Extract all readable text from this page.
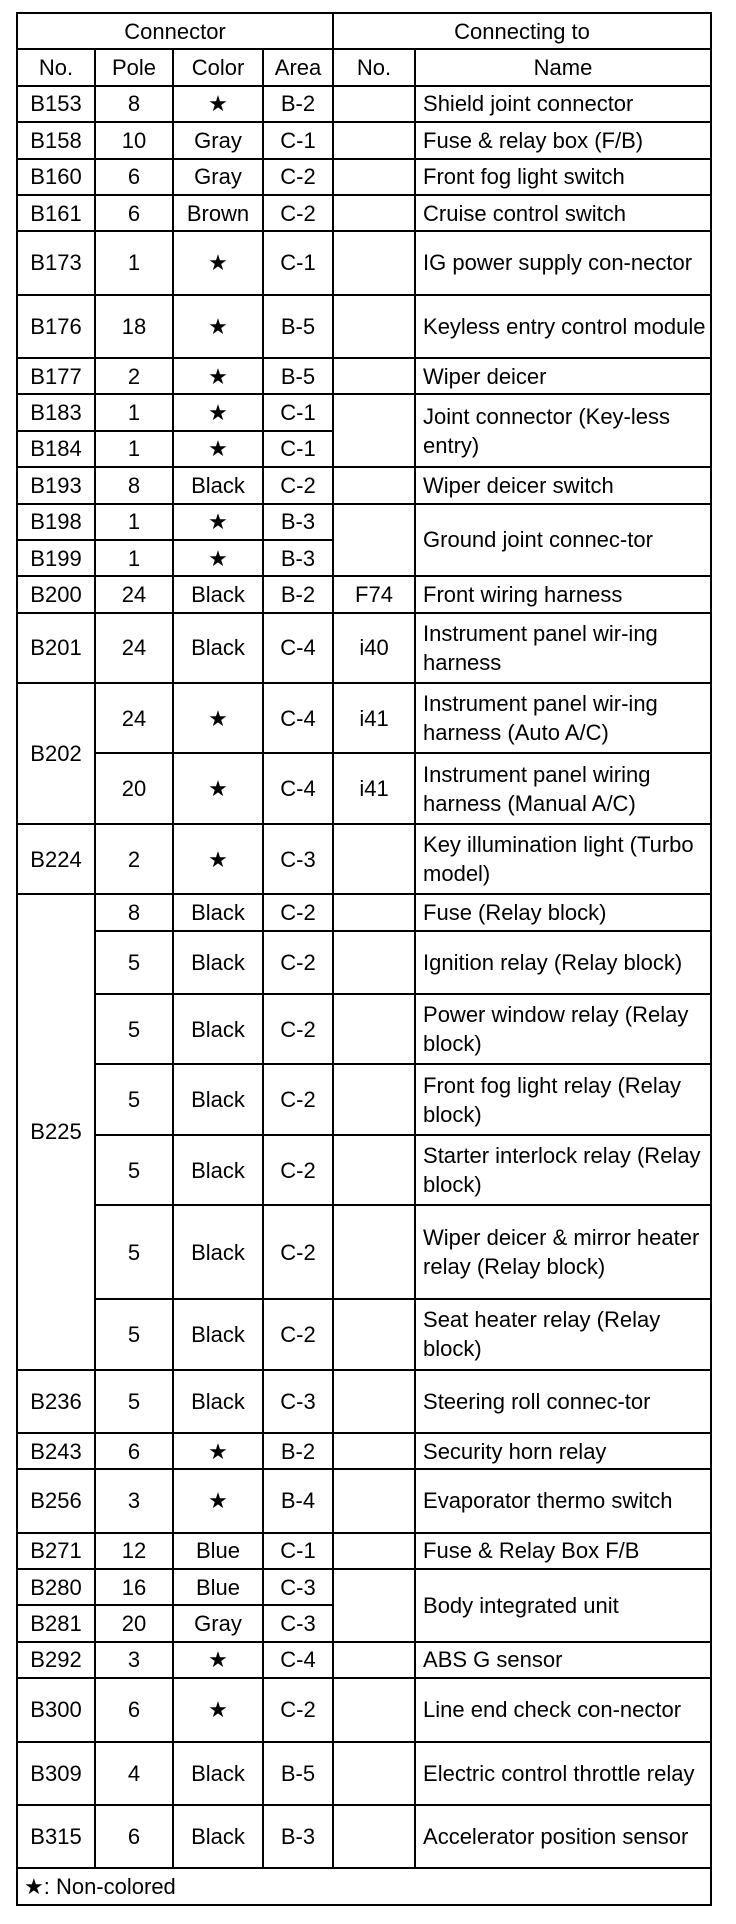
Connector				Connecting to	
No.	Pole	Color	Area	No.	Name
B153	8	★	B-2		Shield joint connector
B158	10	Gray	C-1		Fuse & relay box (F/B)
B160	6	Gray	C-2		Front fog light switch
B161	6	Brown	C-2		Cruise control switch
B173	1	★	C-1		IG power supply con-nector
B176	18	★	B-5		Keyless entry control module
B177	2	★	B-5		Wiper deicer
B183	1	★	C-1		Joint connector (Key-less entry)
B184	1	★	C-1		
B193	8	Black	C-2		Wiper deicer switch
B198	1	★	B-3		Ground joint connec-tor
B199	1	★	B-3		
B200	24	Black	B-2	F74	Front wiring harness
B201	24	Black	C-4	i40	Instrument panel wir-ing harness
B202	24	★	C-4	i41	Instrument panel wir-ing harness (Auto A/C)
	20	★	C-4	i41	Instrument panel wiring harness (Manual A/C)
B224	2	★	C-3		Key illumination light (Turbo model)
B225	8	Black	C-2		Fuse (Relay block)
	5	Black	C-2		Ignition relay (Relay block)
	5	Black	C-2		Power window relay (Relay block)
	5	Black	C-2		Front fog light relay (Relay block)
	5	Black	C-2		Starter interlock relay (Relay block)
	5	Black	C-2		Wiper deicer & mirror heater relay (Relay block)
	5	Black	C-2		Seat heater relay (Relay block)
B236	5	Black	C-3		Steering roll connec-tor
B243	6	★	B-2		Security horn relay
B256	3	★	B-4		Evaporator thermo switch
B271	12	Blue	C-1		Fuse & Relay Box F/B
B280	16	Blue	C-3		Body integrated unit
B281	20	Gray	C-3		
B292	3	★	C-4		ABS G sensor
B300	6	★	C-2		Line end check con-nector
B309	4	Black	B-5		Electric control throttle relay
B315	6	Black	B-3		Accelerator position sensor
★: Non-colored					
